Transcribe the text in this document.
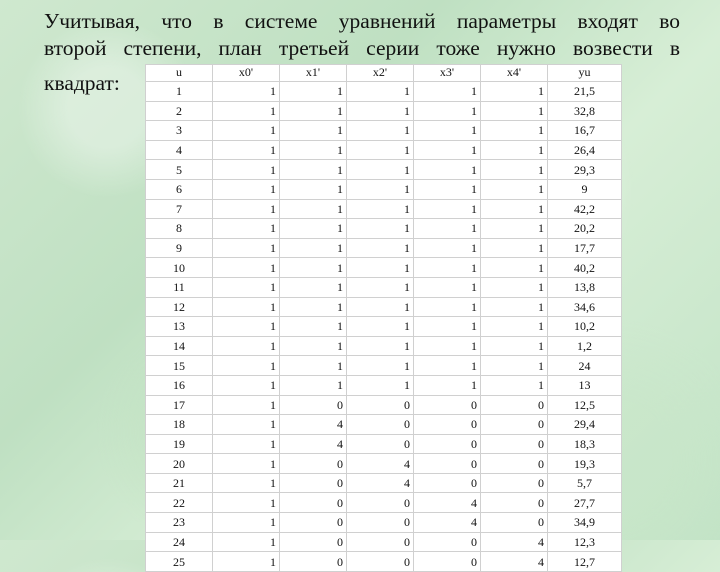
Учитывая, что в системе уравнений параметры входят во

второй степени, план третьей серии тоже нужно возвести в

квадрат:	u	x0'	x1'	x2'	x3'	x4'	yu
1	1	1	1	1	1	21,5
2	1	1	1	1	1	32,8
3	1	1	1	1	1	16,7
4	1	1	1	1	1	26,4
5	1	1	1	1	1	29,3
6	1	1	1	1	1	9
7	1	1	1	1	1	42,2
8	1	1	1	1	1	20,2
9	1	1	1	1	1	17,7
10	1	1	1	1	1	40,2
11	1	1	1	1	1	13,8
12	1	1	1	1	1	34,6
13	1	1	1	1	1	10,2
14	1	1	1	1	1	1,2
15	1	1	1	1	1	24
16	1	1	1	1	1	13
17	1	0	0	0	0	12,5
18	1	4	0	0	0	29,4
19	1	4	0	0	0	18,3
20	1	0	4	0	0	19,3
21	1	0	4	0	0	5,7
22	1	0	0	4	0	27,7
23	1	0	0	4	0	34,9
24	1	0	0	0	4	12,3
25	1	0	0	0	4	12,7
